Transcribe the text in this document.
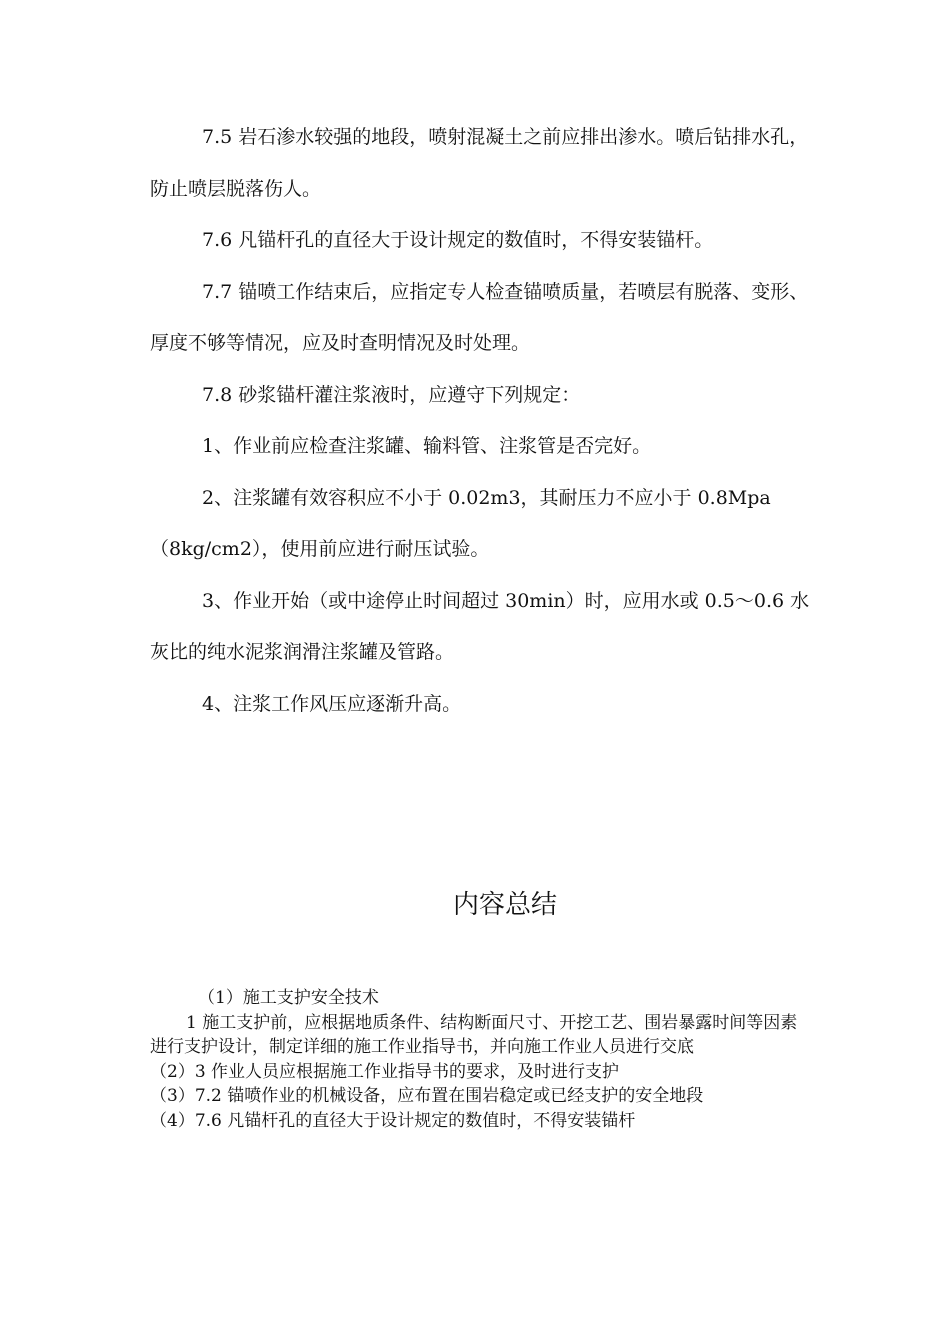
7.5 岩石渗水较强的地段，喷射混凝土之前应排出渗水。喷后钻排水孔，防止喷层脱落伤人。

7.6 凡锚杆孔的直径大于设计规定的数值时，不得安装锚杆。

7.7 锚喷工作结束后，应指定专人检查锚喷质量，若喷层有脱落、变形、厚度不够等情况，应及时查明情况及时处理。

7.8 砂浆锚杆灌注浆液时，应遵守下列规定：

1、作业前应检查注浆罐、输料管、注浆管是否完好。

2、注浆罐有效容积应不小于 0.02m3，其耐压力不应小于 0.8Mpa（8kg/cm2），使用前应进行耐压试验。

3、作业开始（或中途停止时间超过 30min）时，应用水或 0.5～0.6 水灰比的纯水泥浆润滑注浆罐及管路。

4、注浆工作风压应逐渐升高。

内容总结
（1）施工支护安全技术
1 施工支护前，应根据地质条件、结构断面尺寸、开挖工艺、围岩暴露时间等因素进行支护设计，制定详细的施工作业指导书，并向施工作业人员进行交底
（2）3 作业人员应根据施工作业指导书的要求，及时进行支护
（3）7.2 锚喷作业的机械设备，应布置在围岩稳定或已经支护的安全地段
（4）7.6 凡锚杆孔的直径大于设计规定的数值时，不得安装锚杆
